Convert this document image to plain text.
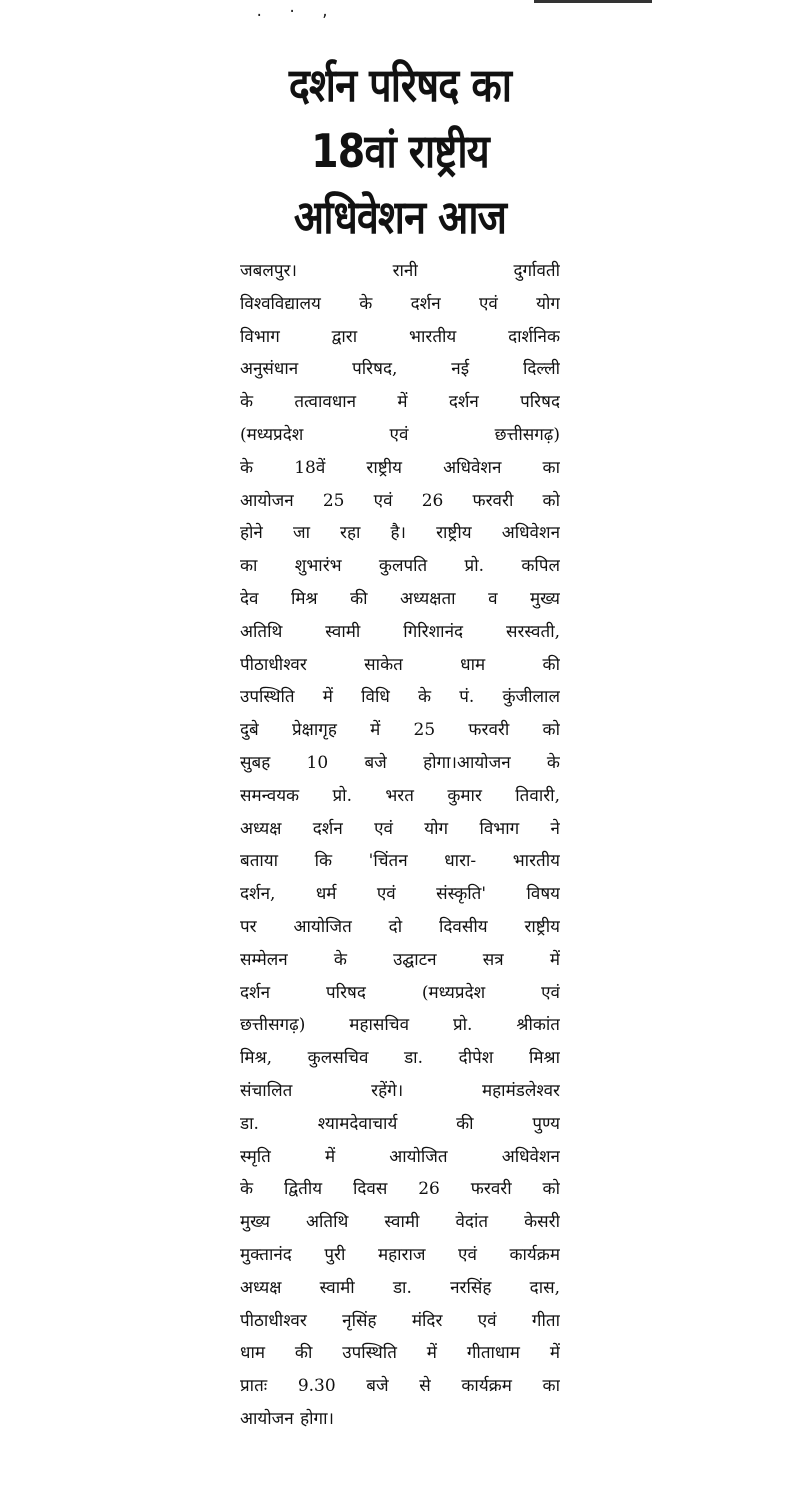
. · ,
दर्शन परिषद का
18वां राष्ट्रीय
अधिवेशन आज
जबलपुर। रानी दुर्गावती
विश्वविद्यालय के दर्शन एवं योग
विभाग द्वारा भारतीय दार्शनिक
अनुसंधान परिषद, नई दिल्ली
के तत्वावधान में दर्शन परिषद
(मध्यप्रदेश एवं छत्तीसगढ़)
के 18वें राष्ट्रीय अधिवेशन का
आयोजन 25 एवं 26 फरवरी को
होने जा रहा है। राष्ट्रीय अधिवेशन
का शुभारंभ कुलपति प्रो. कपिल
देव मिश्र की अध्यक्षता व मुख्य
अतिथि स्वामी गिरिशानंद सरस्वती,
पीठाधीश्वर साकेत धाम की
उपस्थिति में विधि के पं. कुंजीलाल
दुबे प्रेक्षागृह में 25 फरवरी को
सुबह 10 बजे होगा।आयोजन के
समन्वयक प्रो. भरत कुमार तिवारी,
अध्यक्ष दर्शन एवं योग विभाग ने
बताया कि 'चिंतन धारा- भारतीय
दर्शन, धर्म एवं संस्कृति' विषय
पर आयोजित दो दिवसीय राष्ट्रीय
सम्मेलन के उद्घाटन सत्र में
दर्शन परिषद (मध्यप्रदेश एवं
छत्तीसगढ़) महासचिव प्रो. श्रीकांत
मिश्र, कुलसचिव डा. दीपेश मिश्रा
संचालित रहेंगे। महामंडलेश्वर
डा. श्यामदेवाचार्य की पुण्य
स्मृति में आयोजित अधिवेशन
के द्वितीय दिवस 26 फरवरी को
मुख्य अतिथि स्वामी वेदांत केसरी
मुक्तानंद पुरी महाराज एवं कार्यक्रम
अध्यक्ष स्वामी डा. नरसिंह दास,
पीठाधीश्वर नृसिंह मंदिर एवं गीता
धाम की उपस्थिति में गीताधाम में
प्रातः 9.30 बजे से कार्यक्रम का
आयोजन होगा।
